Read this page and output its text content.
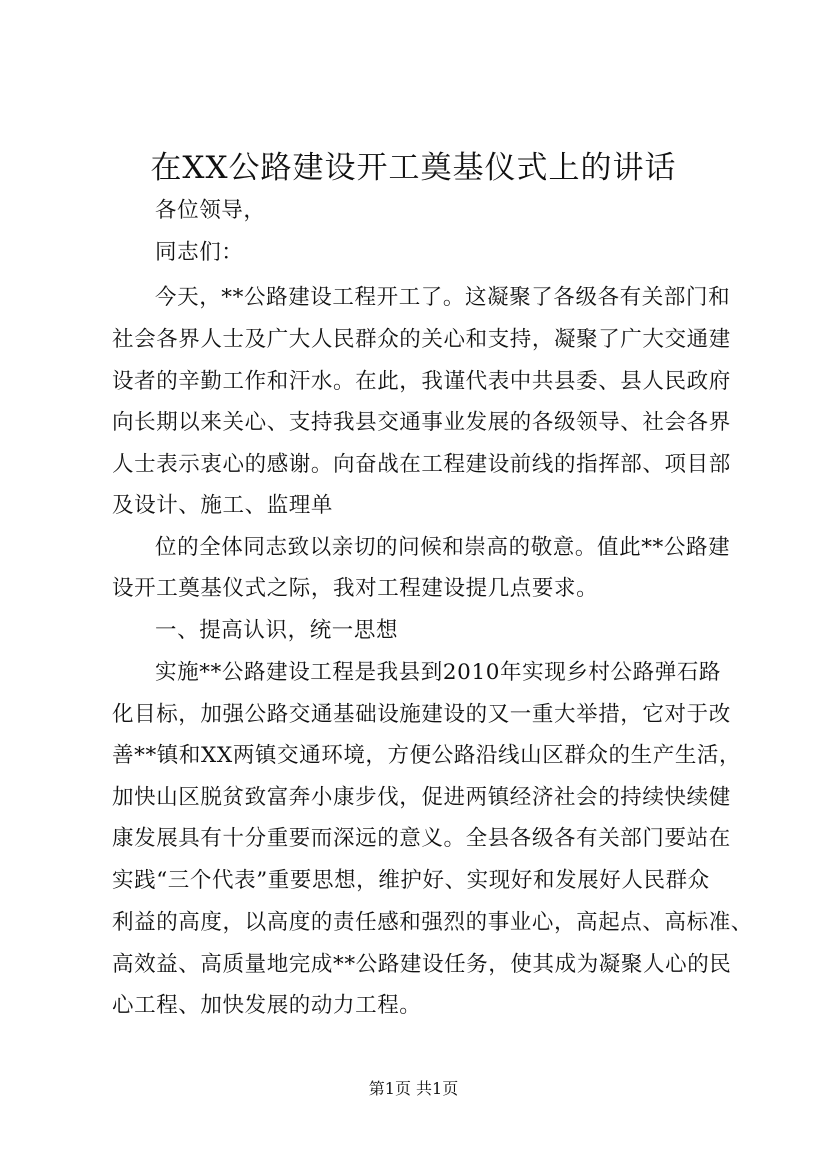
在XX公路建设开工奠基仪式上的讲话
各位领导，
同志们：
今天，**公路建设工程开工了。这凝聚了各级各有关部门和
社会各界人士及广大人民群众的关心和支持，凝聚了广大交通建
设者的辛勤工作和汗水。在此，我谨代表中共县委、县人民政府
向长期以来关心、支持我县交通事业发展的各级领导、社会各界
人士表示衷心的感谢。向奋战在工程建设前线的指挥部、项目部
及设计、施工、监理单
位的全体同志致以亲切的问候和崇高的敬意。值此**公路建
设开工奠基仪式之际，我对工程建设提几点要求。
一、提高认识，统一思想
实施**公路建设工程是我县到2010年实现乡村公路弹石路
化目标，加强公路交通基础设施建设的又一重大举措，它对于改
善**镇和XX两镇交通环境，方便公路沿线山区群众的生产生活，
加快山区脱贫致富奔小康步伐，促进两镇经济社会的持续快续健
康发展具有十分重要而深远的意义。全县各级各有关部门要站在
实践“三个代表”重要思想，维护好、实现好和发展好人民群众
利益的高度，以高度的责任感和强烈的事业心，高起点、高标准、
高效益、高质量地完成**公路建设任务，使其成为凝聚人心的民
心工程、加快发展的动力工程。
第1页 共1页
